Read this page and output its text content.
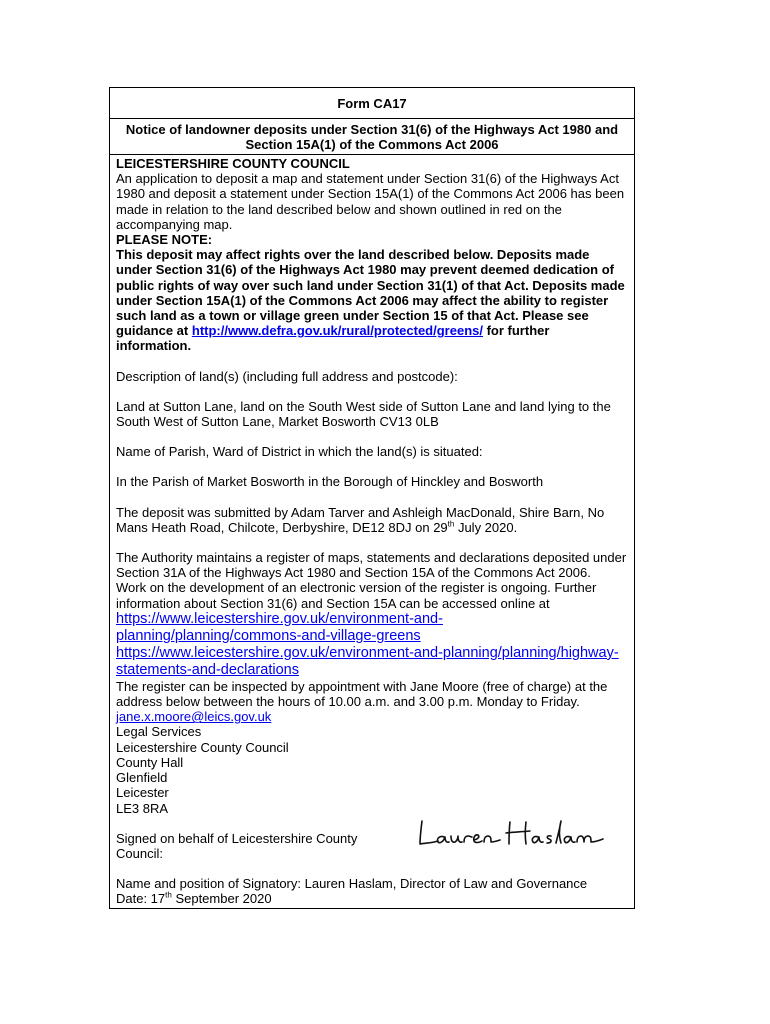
Form CA17
Notice of landowner deposits under Section 31(6) of the Highways Act 1980 and Section 15A(1) of the Commons Act 2006

LEICESTERSHIRE COUNTY COUNCIL

An application to deposit a map and statement under Section 31(6) of the Highways Act 1980 and deposit a statement under Section 15A(1) of the Commons Act 2006 has been made in relation to the land described below and shown outlined in red on the accompanying map.

PLEASE NOTE:

This deposit may affect rights over the land described below. Deposits made under Section 31(6) of the Highways Act 1980 may prevent deemed dedication of public rights of way over such land under Section 31(1) of that Act. Deposits made under Section 15A(1) of the Commons Act 2006 may affect the ability to register such land as a town or village green under Section 15 of that Act. Please see guidance at http://www.defra.gov.uk/rural/protected/greens/ for further information.

Description of land(s) (including full address and postcode):

Land at Sutton Lane, land on the South West side of Sutton Lane and land lying to the South West of Sutton Lane, Market Bosworth CV13 0LB

Name of Parish, Ward of District in which the land(s) is situated:

In the Parish of Market Bosworth in the Borough of Hinckley and Bosworth

The deposit was submitted by Adam Tarver and Ashleigh MacDonald, Shire Barn, No Mans Heath Road, Chilcote, Derbyshire, DE12 8DJ on 29th July 2020.

The Authority maintains a register of maps, statements and declarations deposited under Section 31A of the Highways Act 1980 and Section 15A of the Commons Act 2006.

Work on the development of an electronic version of the register is ongoing. Further information about Section 31(6) and Section 15A can be accessed online at

https://www.leicestershire.gov.uk/environment-and-planning/planning/commons-and-village-greens

https://www.leicestershire.gov.uk/environment-and-planning/planning/highway-statements-and-declarations

The register can be inspected by appointment with Jane Moore (free of charge) at the address below between the hours of 10.00 a.m. and 3.00 p.m. Monday to Friday.

jane.x.moore@leics.gov.uk

Legal Services

Leicestershire County Council

County Hall

Glenfield

Leicester

LE3 8RA

Signed on behalf of Leicestershire County Council:

Name and position of Signatory: Lauren Haslam, Director of Law and Governance

Date: 17th September 2020
